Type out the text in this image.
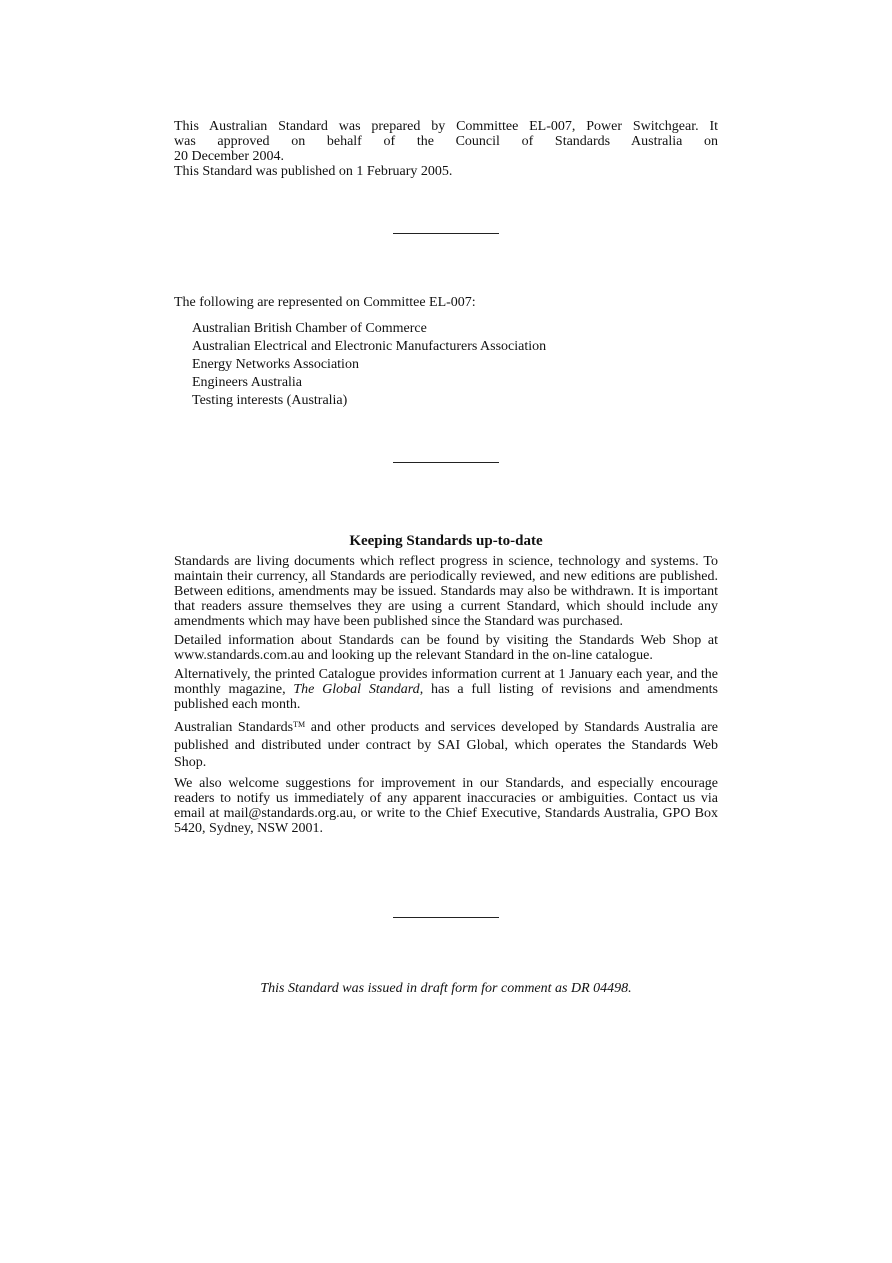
This Australian Standard was prepared by Committee EL-007, Power Switchgear. It
was approved on behalf of the Council of Standards Australia on
20 December 2004.
This Standard was published on 1 February 2005.
The following are represented on Committee EL-007:
Australian British Chamber of Commerce
Australian Electrical and Electronic Manufacturers Association
Energy Networks Association
Engineers Australia
Testing interests (Australia)
Keeping Standards up-to-date

Standards are living documents which reflect progress in science, technology and systems. To maintain their currency, all Standards are periodically reviewed, and new editions are published. Between editions, amendments may be issued. Standards may also be withdrawn. It is important that readers assure themselves they are using a current Standard, which should include any amendments which may have been published since the Standard was purchased.

Detailed information about Standards can be found by visiting the Standards Web Shop at www.standards.com.au and looking up the relevant Standard in the on-line catalogue.

Alternatively, the printed Catalogue provides information current at 1 January each year, and the monthly magazine, The Global Standard, has a full listing of revisions and amendments published each month.

Australian Standards™ and other products and services developed by Standards Australia are published and distributed under contract by SAI Global, which operates the Standards Web Shop.

We also welcome suggestions for improvement in our Standards, and especially encourage readers to notify us immediately of any apparent inaccuracies or ambiguities. Contact us via email at mail@standards.org.au, or write to the Chief Executive, Standards Australia, GPO Box 5420, Sydney, NSW 2001.

This Standard was issued in draft form for comment as DR 04498.
